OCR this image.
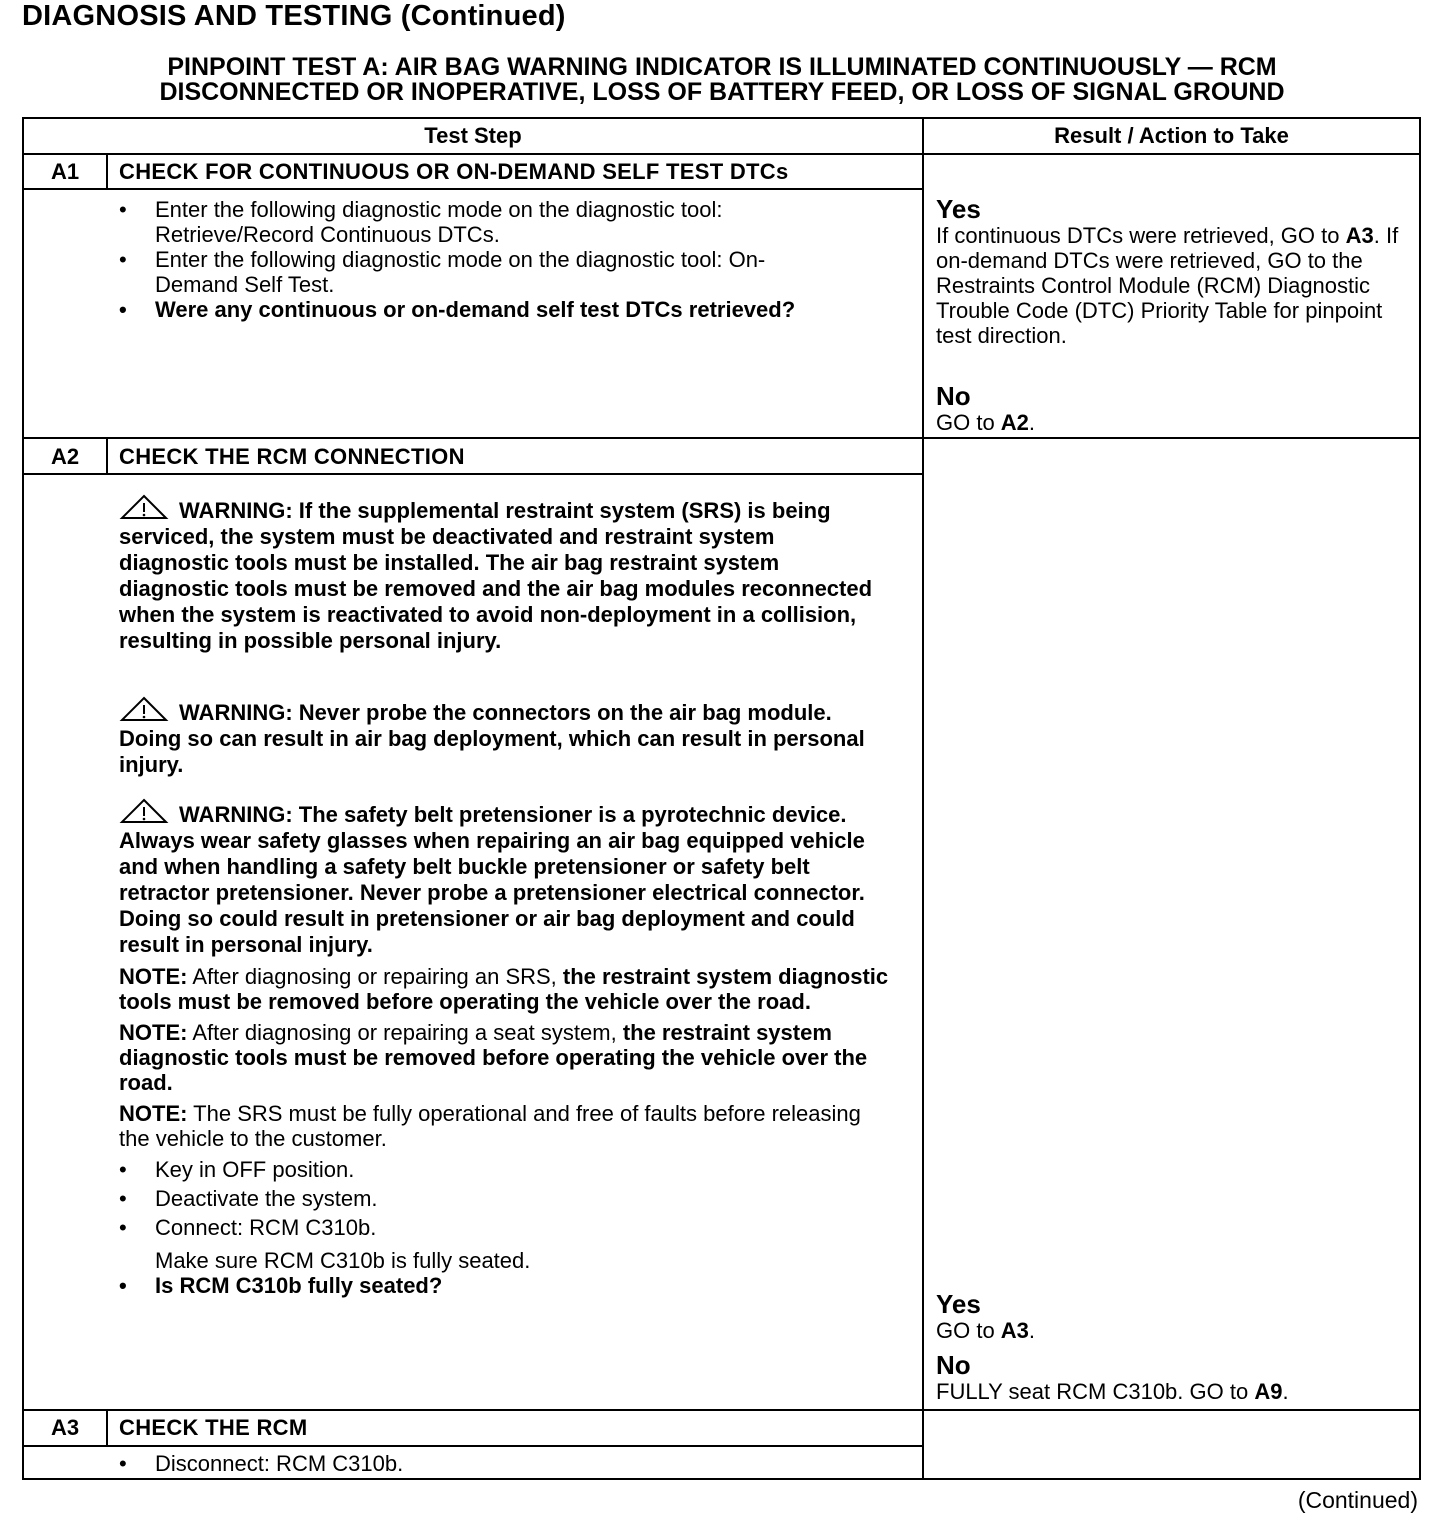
DIAGNOSIS AND TESTING (Continued)
PINPOINT TEST A: AIR BAG WARNING INDICATOR IS ILLUMINATED CONTINUOUSLY — RCM
DISCONNECTED OR INOPERATIVE, LOSS OF BATTERY FEED, OR LOSS OF SIGNAL GROUND
Test Step	Result / Action to Take
A1	CHECK FOR CONTINUOUS OR ON-DEMAND SELF TEST DTCs
• Enter the following diagnostic mode on the diagnostic tool: Retrieve/Record Continuous DTCs.
• Enter the following diagnostic mode on the diagnostic tool: On-Demand Self Test.
• Were any continuous or on-demand self test DTCs retrieved?
Yes
If continuous DTCs were retrieved, GO to A3. If on-demand DTCs were retrieved, GO to the Restraints Control Module (RCM) Diagnostic Trouble Code (DTC) Priority Table for pinpoint test direction.
No
GO to A2.
A2	CHECK THE RCM CONNECTION
WARNING: If the supplemental restraint system (SRS) is being serviced, the system must be deactivated and restraint system diagnostic tools must be installed. The air bag restraint system diagnostic tools must be removed and the air bag modules reconnected when the system is reactivated to avoid non-deployment in a collision, resulting in possible personal injury.
WARNING: Never probe the connectors on the air bag module. Doing so can result in air bag deployment, which can result in personal injury.
WARNING: The safety belt pretensioner is a pyrotechnic device. Always wear safety glasses when repairing an air bag equipped vehicle and when handling a safety belt buckle pretensioner or safety belt retractor pretensioner. Never probe a pretensioner electrical connector. Doing so could result in pretensioner or air bag deployment and could result in personal injury.
NOTE: After diagnosing or repairing an SRS, the restraint system diagnostic tools must be removed before operating the vehicle over the road.
NOTE: After diagnosing or repairing a seat system, the restraint system diagnostic tools must be removed before operating the vehicle over the road.
NOTE: The SRS must be fully operational and free of faults before releasing the vehicle to the customer.
• Key in OFF position.
• Deactivate the system.
• Connect: RCM C310b.
Make sure RCM C310b is fully seated.
• Is RCM C310b fully seated?
Yes
GO to A3.
No
FULLY seat RCM C310b. GO to A9.
A3	CHECK THE RCM
• Disconnect: RCM C310b.
(Continued)
